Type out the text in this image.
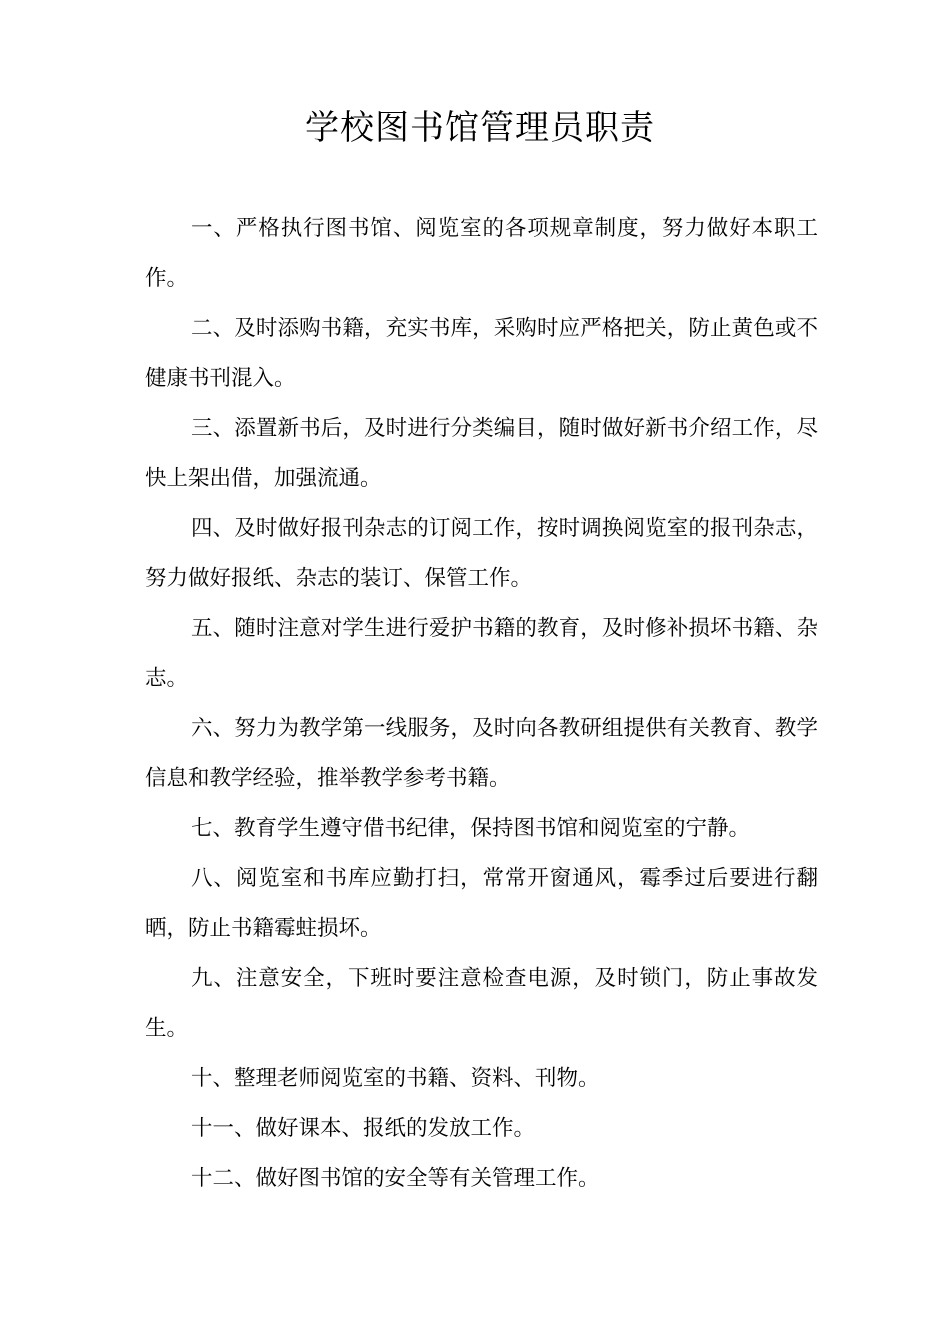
学校图书馆管理员职责

一、严格执行图书馆、阅览室的各项规章制度，努力做好本职工作。

二、及时添购书籍，充实书库，采购时应严格把关，防止黄色或不健康书刊混入。

三、添置新书后，及时进行分类编目，随时做好新书介绍工作，尽快上架出借，加强流通。

四、及时做好报刊杂志的订阅工作，按时调换阅览室的报刊杂志，努力做好报纸、杂志的装订、保管工作。

五、随时注意对学生进行爱护书籍的教育，及时修补损坏书籍、杂志。

六、努力为教学第一线服务，及时向各教研组提供有关教育、教学信息和教学经验，推举教学参考书籍。

七、教育学生遵守借书纪律，保持图书馆和阅览室的宁静。

八、阅览室和书库应勤打扫，常常开窗通风，霉季过后要进行翻晒，防止书籍霉蛀损坏。

九、注意安全，下班时要注意检查电源，及时锁门，防止事故发生。

十、整理老师阅览室的书籍、资料、刊物。

十一、做好课本、报纸的发放工作。

十二、做好图书馆的安全等有关管理工作。
